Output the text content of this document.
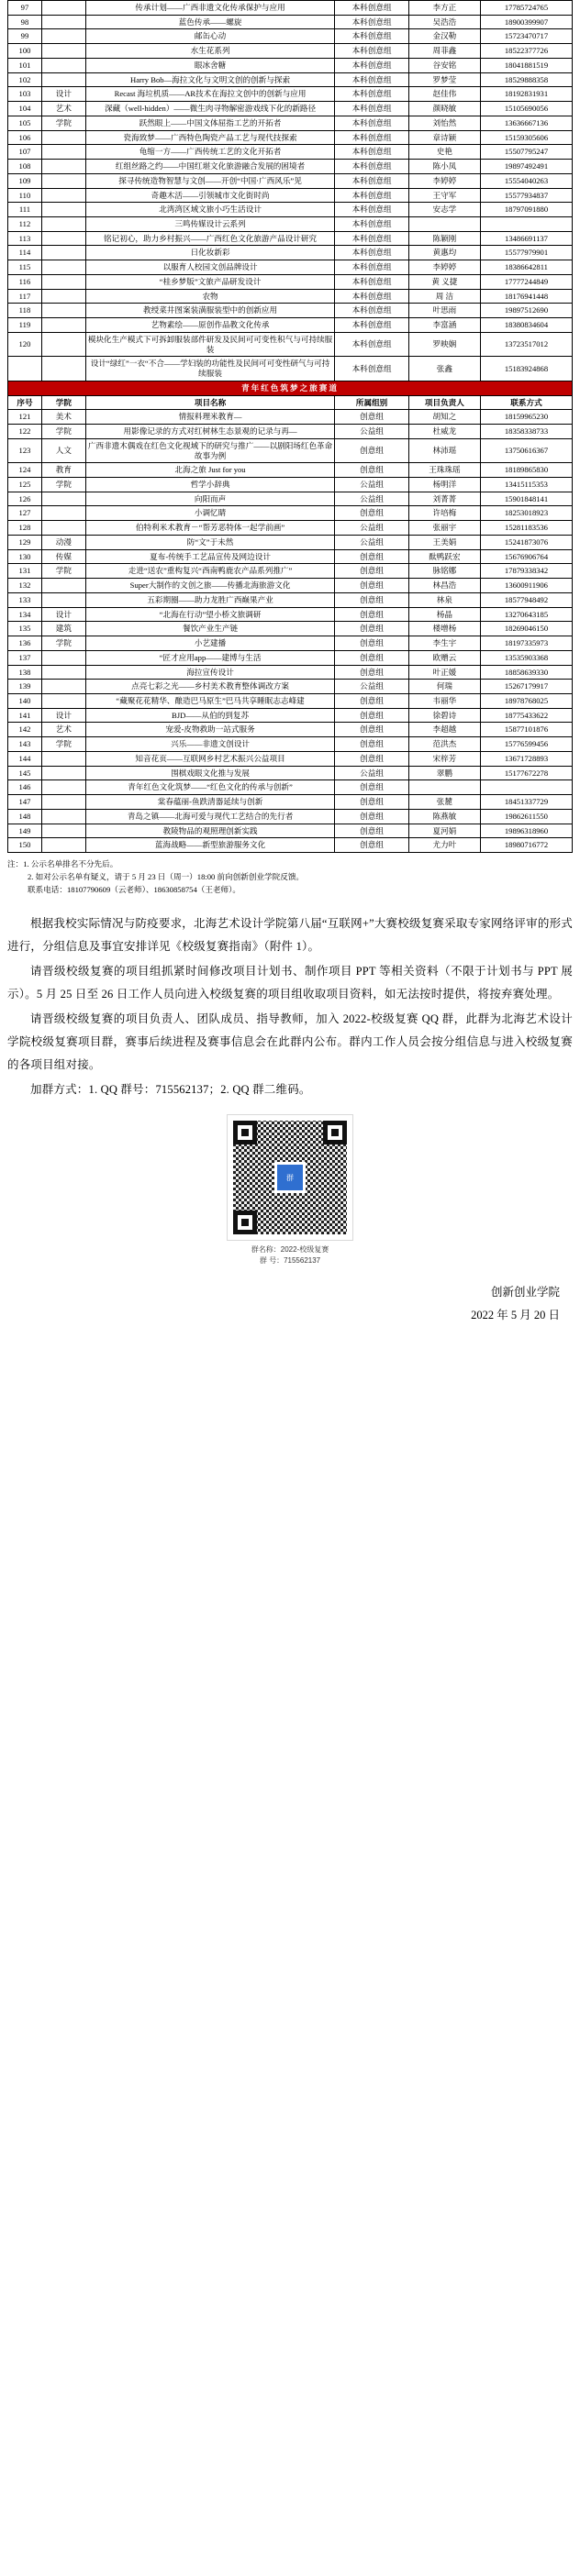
97		传承计划——广西非遗文化传承保护与应用	本科创意组	李方正	17785724765
98		蓝色传承——螺旋	本科创意组	吴浩浩	18900399907
99		邮缶心动	本科创意组	金汉勒	15723470717
100		水生花系列	本科创意组	周菲鑫	18522377726
101		眼冰舍糖	本科创意组	谷安铭	18041881519
102		Harry Bob—海拉文化与文明文创的创新与探索	本科创意组	罗梦莹	18529888358
103	设计	Recast 海垃机质——AR技术在海拉文创中的创新与应用	本科创意组	赵佳伟	18192831931
104	艺术	深藏（well-hidden）——微生肉寻物解密游戏线下化的新路径	本科创意组	颜晓敏	15105690056
105	学院	跃然眼上——中国文体屈指工艺的开拓者	本科创意组	刘怡然	13636667136
106		瓷海致梦——广西特色陶瓷产品工艺与现代技探索	本科创意组	章诗颖	15159305606
107		龟缩一方——广西传统工艺的文化开拓者	本科创意组	史艳	15507795247
108		红组丝路之约——中国红堪文化旅游融合发展的困境者	本科创意组	陈小凤	19897492491
109		探寻传统造物智慧与文创——开创“中国·广西风乐”见	本科创意组	李婷婷	15554040263
110		奇趣木活——引领城市文化街时尚	本科创意组	王守军	15577934837
111		北湾湾区域文旅小巧生活设计	本科创意组	安志学	18797091880
112		三鸣传媒设计云系列	本科创意组		
113		铭记初心，助力乡村振兴——广西红色文化旅游产品设计研究	本科创意组	陈颖刚	13486691137
114		日化妆新彩	本科创意组	黄惠均	15577979901
115		以服育人校园文创品牌设计	本科创意组	李婷婷	18386642811
116		“桂乡梦版”文旅产品研发设计	本科创意组	黄 义捷	17777244849
117		农物	本科创意组	周 洁	18176941448
118		教绶菜井图案装潢服装型中的创新应用	本科创意组	叶思雨	19897512690
119		艺物素绘——原创作品教文化传承	本科创意组	李富涵	18380834604
120		模块化生产模式下可拆卸服装部件研发及民间可可变性积气与可持续服装	本科创意组	罗映娴	13723517012
		设计“绿红”一衣“不合——学妇装的功能性及民间可可变性研气与可持续服装	本科创意组	张鑫	15183924868
青年红色筑梦之旅赛道					
序号	学院	项目名称	所属组别	项目负责人	联系方式
121	美术	情报料理米教育—	创意组	胡知之	18159965230
122	学院	用影像记录的方式对红树林生态景观的记录与再—	公益组	杜威龙	18358338733
123	人文	广西非遗木偶戏在红色文化视域下的研究与推广——以剧阳场红色革命故事为例	创意组	林沛瑶	13750616367
124	教育	北海之旅 Just for you	创意组	王珠珠瑶	18189865830
125	学院	哲学小辞典	公益组	杨明洋	13415115353
126		向阳而声	公益组	刘菁菁	15901848141
127		小调忆睛	创意组	许培梅	18253018923
128		伯特利米术教育－“帮芳恶特体一起学前画”	公益组	张丽宇	15281183536
129	动漫	防“文”于未然	公益组	王美娟	15241873076
130	传媒	夏布-传统手工艺品宣传及网边设计	创意组	酞鸭跃宏	15676906764
131	学院	走进“送农”重构复兴“西南鸭鹿农产品系列推广”	创意组	脉铭娜	17879338342
132		Super大制作的文创之旅——传播北海旅游文化	创意组	林昌浩	13600911906
133		五彩期圈——助力龙胜广西巅果产业	创意组	林泉	18577948492
134	设计	“北海在行动”望小桥文旅调研	创意组	杨晶	13270643185
135	建筑	餐饮产业生产链	创意组	楼增杨	18269046150
136	学院	小艺建播	创意组	李生宇	18197335973
137		“匠才应用app——建博与生活	创意组	欧赠云	13535903368
138		海拉宣传设计	创意组	叶正媛	18858639330
139		点亮七彩之光——乡村美术教育整体调改方案	公益组	何瑞	15267179917
140		“藏聚花花精华、酿造巴马原生”巴马共享睡眠志志峰建	创意组	韦丽华	18978768025
141	设计	BJD——从伯的到复苏	创意组	徐碧诗	18775433622
142	艺术	宠爱-皮物救助一站式服务	创意组	李超越	15877101876
143	学院	兴乐——非遗文创设计	创意组	范洪杰	15776599456
144		知音花页——互联网乡村艺术振兴公益项目	创意组	宋梓芳	13671728893
145		围棋戏眼文化推与发展	公益组	翠鹏	15177672278
146		青年红色文化筑梦——“红色文化的传承与创新”	创意组		
147		棠春蕴丽-鱼跌清器延续与创新	创意组	张麓	18451337729
148		青岛之镇——北海可爱与现代工艺结合的先行者	创意组	陈燕敏	19862611550
149		教陵物品的观照理创新实践	创意组	夏河娟	19896318960
150		蓝海战略——新型旅游服务文化	创意组	尤力叶	18980716772
注：1. 公示名单排名不分先后。
2. 如对公示名单有疑义，请于 5 月 23 日（周一）18:00 前向创新创业学院反馈。
联系电话：18107790609（云老师）、18630858754（王老师）。

根据我校实际情况与防疫要求，北海艺术设计学院第八届“互联网+”大赛校级复赛采取专家网络评审的形式进行，分组信息及事宜安排详见《校级复赛指南》（附件 1）。

请晋级校级复赛的项目组抓紧时间修改项目计划书、制作项目 PPT 等相关资料（不限于计划书与 PPT 展示）。5 月 25 日至 26 日工作人员向进入校级复赛的项目组收取项目资料，如无法按时提供，将按弃赛处理。

请晋级校级复赛的项目负责人、团队成员、指导教师，加入 2022-校级复赛 QQ 群，此群为北海艺术设计学院校级复赛项目群，赛事后续进程及赛事信息会在此群内公布。群内工作人员会按分组信息与进入校级复赛的各项目组对接。

加群方式：1. QQ 群号：715562137；2. QQ 群二维码。

群
群名称：2022-校级复赛
群 号：715562137
创新创业学院
2022 年 5 月 20 日
